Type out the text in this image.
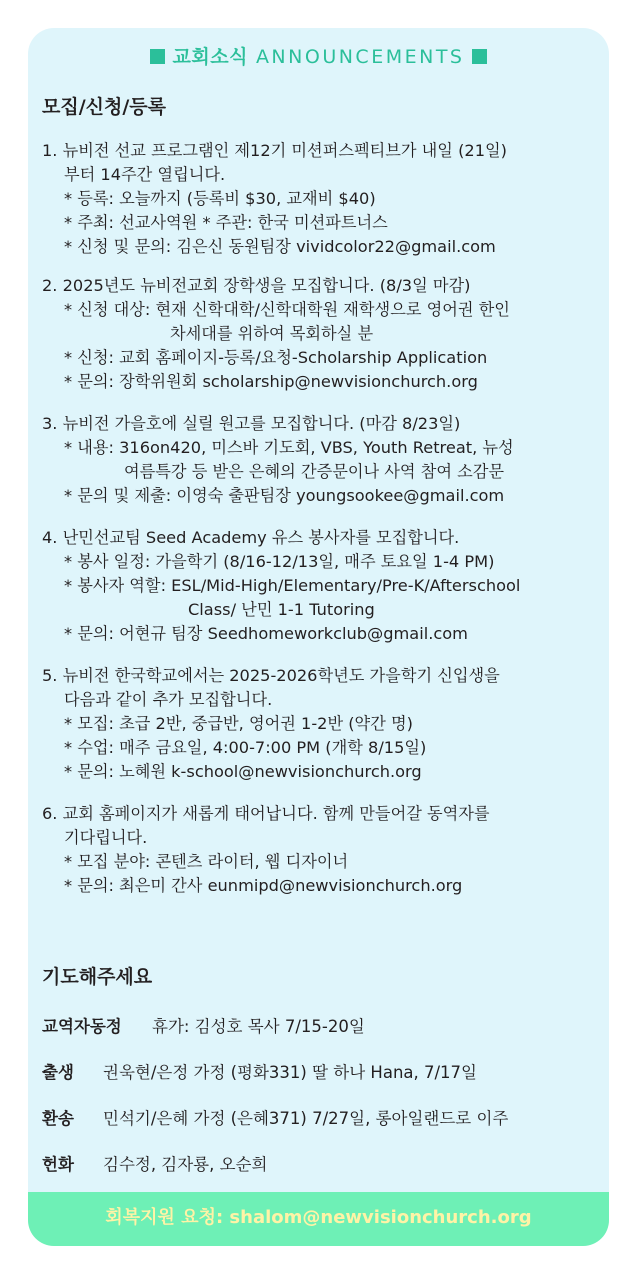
교회소식 ANNOUNCEMENTS
모집/신청/등록
1. 뉴비전 선교 프로그램인 제12기 미션퍼스펙티브가 내일 (21일)
부터 14주간 열립니다.
* 등록: 오늘까지 (등록비 $30, 교재비 $40)
* 주최: 선교사역원 * 주관: 한국 미션파트너스
* 신청 및 문의: 김은신 동원팀장 vividcolor22@gmail.com
2. 2025년도 뉴비전교회 장학생을 모집합니다. (8/3일 마감)
* 신청 대상: 현재 신학대학/신학대학원 재학생으로 영어권 한인
차세대를 위하여 목회하실 분
* 신청: 교회 홈페이지-등록/요청-Scholarship Application
* 문의: 장학위원회 scholarship@newvisionchurch.org
3. 뉴비전 가을호에 실릴 원고를 모집합니다. (마감 8/23일)
* 내용: 316on420, 미스바 기도회, VBS, Youth Retreat, 뉴성
여름특강 등 받은 은혜의 간증문이나 사역 참여 소감문
* 문의 및 제출: 이영숙 출판팀장 youngsookee@gmail.com
4. 난민선교팀 Seed Academy 유스 봉사자를 모집합니다.
* 봉사 일정: 가을학기 (8/16-12/13일, 매주 토요일 1-4 PM)
* 봉사자 역할: ESL/Mid-High/Elementary/Pre-K/Afterschool
Class/ 난민 1-1 Tutoring
* 문의: 어현규 팀장 Seedhomeworkclub@gmail.com
5. 뉴비전 한국학교에서는 2025-2026학년도 가을학기 신입생을
다음과 같이 추가 모집합니다.
* 모집: 초급 2반, 중급반, 영어권 1-2반 (약간 명)
* 수업: 매주 금요일, 4:00-7:00 PM (개학 8/15일)
* 문의: 노혜원 k-school@newvisionchurch.org
6. 교회 홈페이지가 새롭게 태어납니다. 함께 만들어갈 동역자를
기다립니다.
* 모집 분야: 콘텐츠 라이터, 웹 디자이너
* 문의: 최은미 간사 eunmipd@newvisionchurch.org
기도해주세요
교역자동정 휴가: 김성호 목사 7/15-20일
출생 권욱현/은정 가정 (평화331) 딸 하나 Hana, 7/17일
환송 민석기/은혜 가정 (은혜371) 7/27일, 롱아일랜드로 이주
헌화 김수정, 김자룡, 오순희
회복지원 요청: shalom@newvisionchurch.org
